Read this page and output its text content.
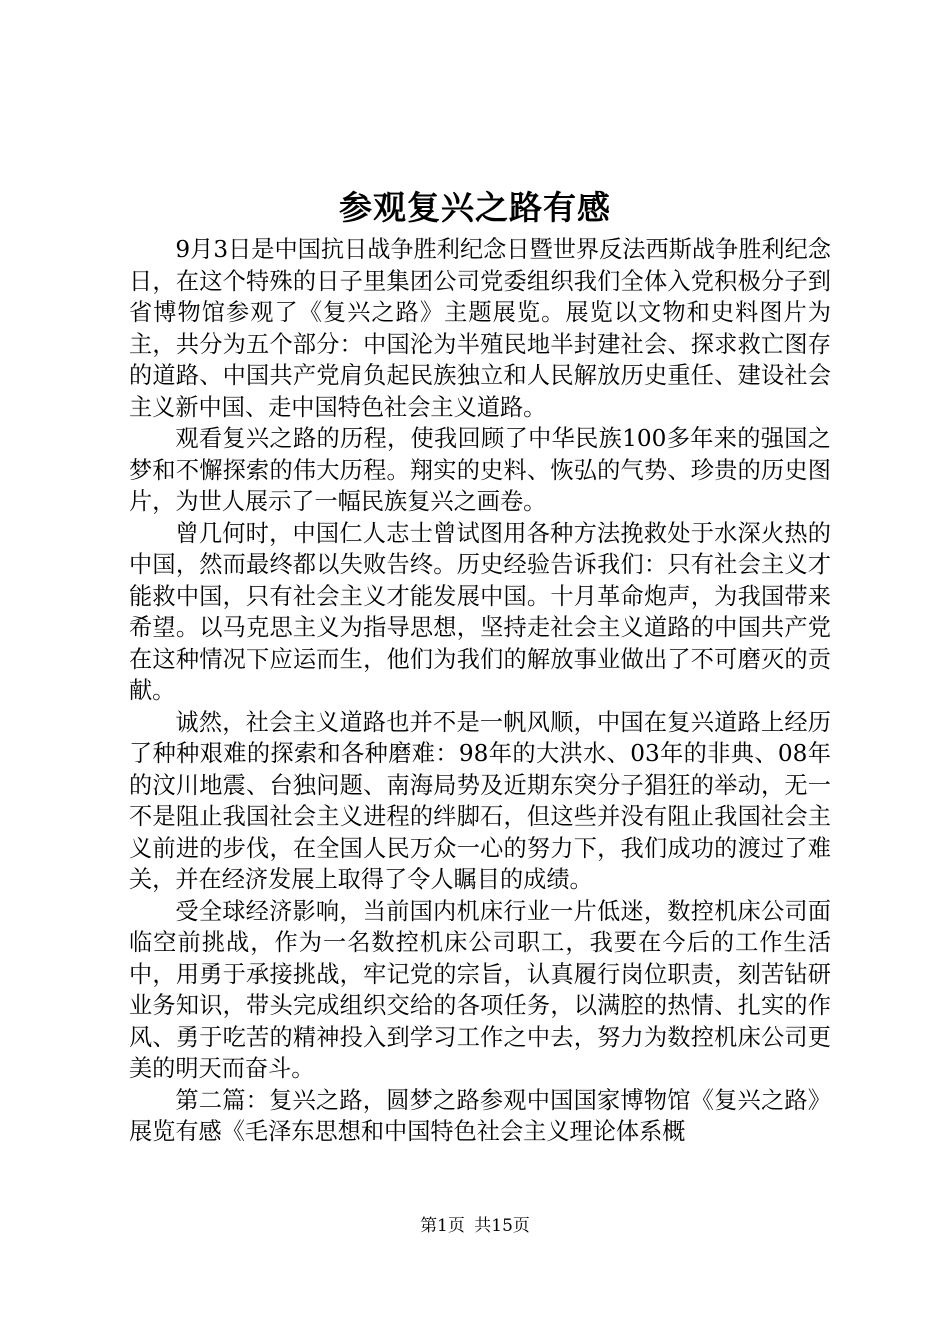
参观复兴之路有感

9月3日是中国抗日战争胜利纪念日暨世界反法西斯战争胜利纪念日，在这个特殊的日子里集团公司党委组织我们全体入党积极分子到省博物馆参观了《复兴之路》主题展览。展览以文物和史料图片为主，共分为五个部分：中国沦为半殖民地半封建社会、探求救亡图存的道路、中国共产党肩负起民族独立和人民解放历史重任、建设社会主义新中国、走中国特色社会主义道路。

观看复兴之路的历程，使我回顾了中华民族100多年来的强国之梦和不懈探索的伟大历程。翔实的史料、恢弘的气势、珍贵的历史图片，为世人展示了一幅民族复兴之画卷。

曾几何时，中国仁人志士曾试图用各种方法挽救处于水深火热的中国，然而最终都以失败告终。历史经验告诉我们：只有社会主义才能救中国，只有社会主义才能发展中国。十月革命炮声，为我国带来希望。以马克思主义为指导思想，坚持走社会主义道路的中国共产党在这种情况下应运而生，他们为我们的解放事业做出了不可磨灭的贡献。

诚然，社会主义道路也并不是一帆风顺，中国在复兴道路上经历了种种艰难的探索和各种磨难：98年的大洪水、03年的非典、08年的汶川地震、台独问题、南海局势及近期东突分子猖狂的举动，无一不是阻止我国社会主义进程的绊脚石，但这些并没有阻止我国社会主义前进的步伐，在全国人民万众一心的努力下，我们成功的渡过了难关，并在经济发展上取得了令人瞩目的成绩。

受全球经济影响，当前国内机床行业一片低迷，数控机床公司面临空前挑战，作为一名数控机床公司职工，我要在今后的工作生活中，用勇于承接挑战，牢记党的宗旨，认真履行岗位职责，刻苦钻研业务知识，带头完成组织交给的各项任务，以满腔的热情、扎实的作风、勇于吃苦的精神投入到学习工作之中去，努力为数控机床公司更美的明天而奋斗。

第二篇：复兴之路，圆梦之路参观中国国家博物馆《复兴之路》展览有感《毛泽东思想和中国特色社会主义理论体系概

第1页 共15页
